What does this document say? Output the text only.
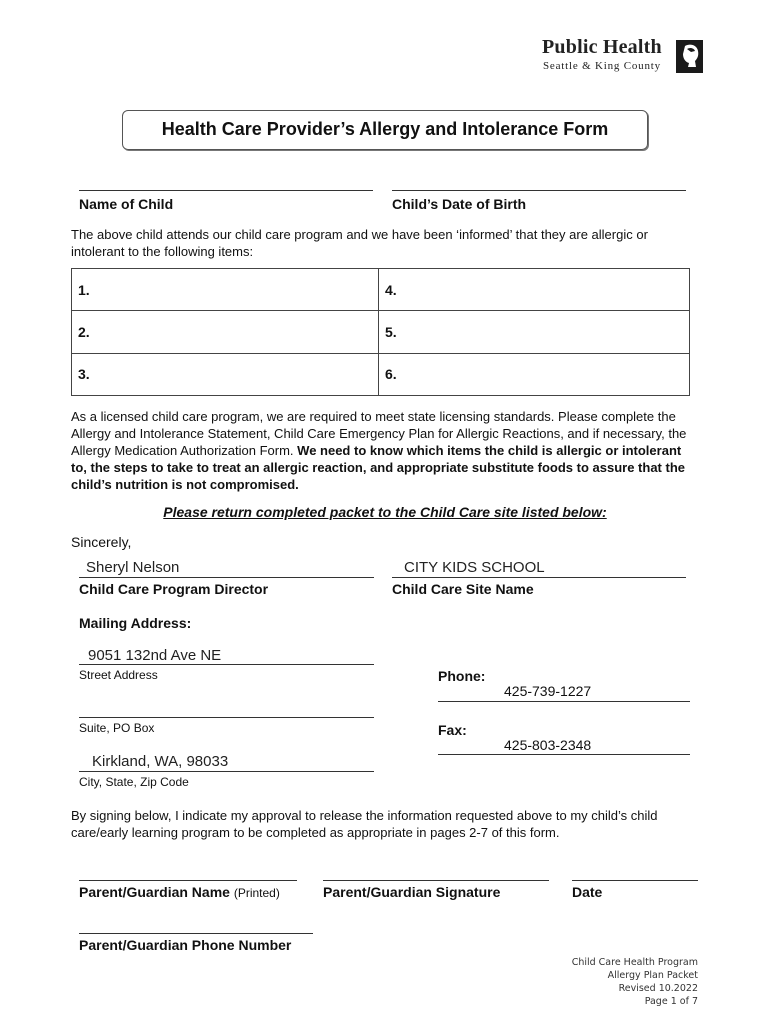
Public Health
Seattle & King County
Health Care Provider’s Allergy and Intolerance Form
Name of Child	Child’s Date of Birth
The above child attends our child care program and we have been ‘informed’ that they are allergic or intolerant to the following items:
1.	4.
2.	5.
3.	6.
As a licensed child care program, we are required to meet state licensing standards. Please complete the Allergy and Intolerance Statement, Child Care Emergency Plan for Allergic Reactions, and if necessary, the Allergy Medication Authorization Form. We need to know which items the child is allergic or intolerant to, the steps to take to treat an allergic reaction, and appropriate substitute foods to assure that the child’s nutrition is not compromised.
Please return completed packet to the Child Care site listed below:
Sincerely,
Sheryl Nelson
Child Care Program Director
CITY KIDS SCHOOL
Child Care Site Name
Mailing Address:
9051 132nd Ave NE
Street Address
Suite, PO Box
Kirkland, WA, 98033
City, State, Zip Code
Phone:
425-739-1227
Fax:
425-803-2348
By signing below, I indicate my approval to release the information requested above to my child’s child care/early learning program to be completed as appropriate in pages 2-7 of this form.
Parent/Guardian Name (Printed)	Parent/Guardian Signature	Date
Parent/Guardian Phone Number
Child Care Health Program
Allergy Plan Packet
Revised 10.2022
Page 1 of 7
